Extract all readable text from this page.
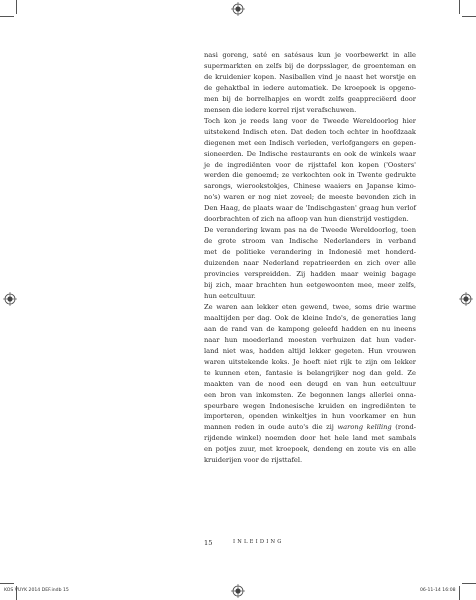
nasi goreng, saté en satésaus kun je voorbewerkt in alle
supermarkten en zelfs bij de dorpsslager, de groenteman en
de kruidenier kopen. Nasiballen vind je naast het worstje en
de gehaktbal in iedere automatiek. De kroepoek is opgeno-
men bij de borrelhapjes en wordt zelfs geappreciëerd door
mensen die iedere korrel rijst verafschuwen.

Toch kon je reeds lang voor de Tweede Wereldoorlog hier
uitstekend Indisch eten. Dat deden toch echter in hoofdzaak
diegenen met een Indisch verleden, verlofgangers en gepen-
sioneerden. De Indische restaurants en ook de winkels waar
je de ingrediënten voor de rijsttafel kon kopen ('Oosters'
werden die genoemd; ze verkochten ook in Twente gedrukte
sarongs, wierookstokjes, Chinese waaiers en Japanse kimo-
no's) waren er nog niet zoveel; de meeste bevonden zich in
Den Haag, de plaats waar de 'Indischgasten' graag hun verlof
doorbrachten of zich na afloop van hun dienstrijd vestigden.

De verandering kwam pas na de Tweede Wereldoorlog, toen
de grote stroom van Indische Nederlanders in verband
met de politieke verandering in Indonesië met honderd-
duizenden naar Nederland repatrieerden en zich over alle
provincies verspreidden. Zij hadden maar weinig bagage
bij zich, maar brachten hun eetgewoonten mee, meer zelfs,
hun eetcultuur.

Ze waren aan lekker eten gewend, twee, soms drie warme
maaltijden per dag. Ook de kleine Indo's, de generaties lang
aan de rand van de kampong geleefd hadden en nu ineens
naar hun moederland moesten verhuizen dat hun vader-
land niet was, hadden altijd lekker gegeten. Hun vrouwen
waren uitstekende koks. Je hoeft niet rijk te zijn om lekker
te kunnen eten, fantasie is belangrijker nog dan geld. Ze
maakten van de nood een deugd en van hun eetcultuur
een bron van inkomsten. Ze begonnen langs allerlei onna-
speurbare wegen Indonesische kruiden en ingrediënten te
importeren, openden winkeltjes in hun voorkamer en hun
mannen reden in oude auto's die zij warong keliling (rond-
rijdende winkel) noemden door het hele land met sambals
en potjes zuur, met kroepoek, dendeng en zoute vis en alle
kruiderijen voor de rijsttafel.

15	INLEIDING
KOS VUYK 2014 DEF.indb 15	06-11-14 16:08
